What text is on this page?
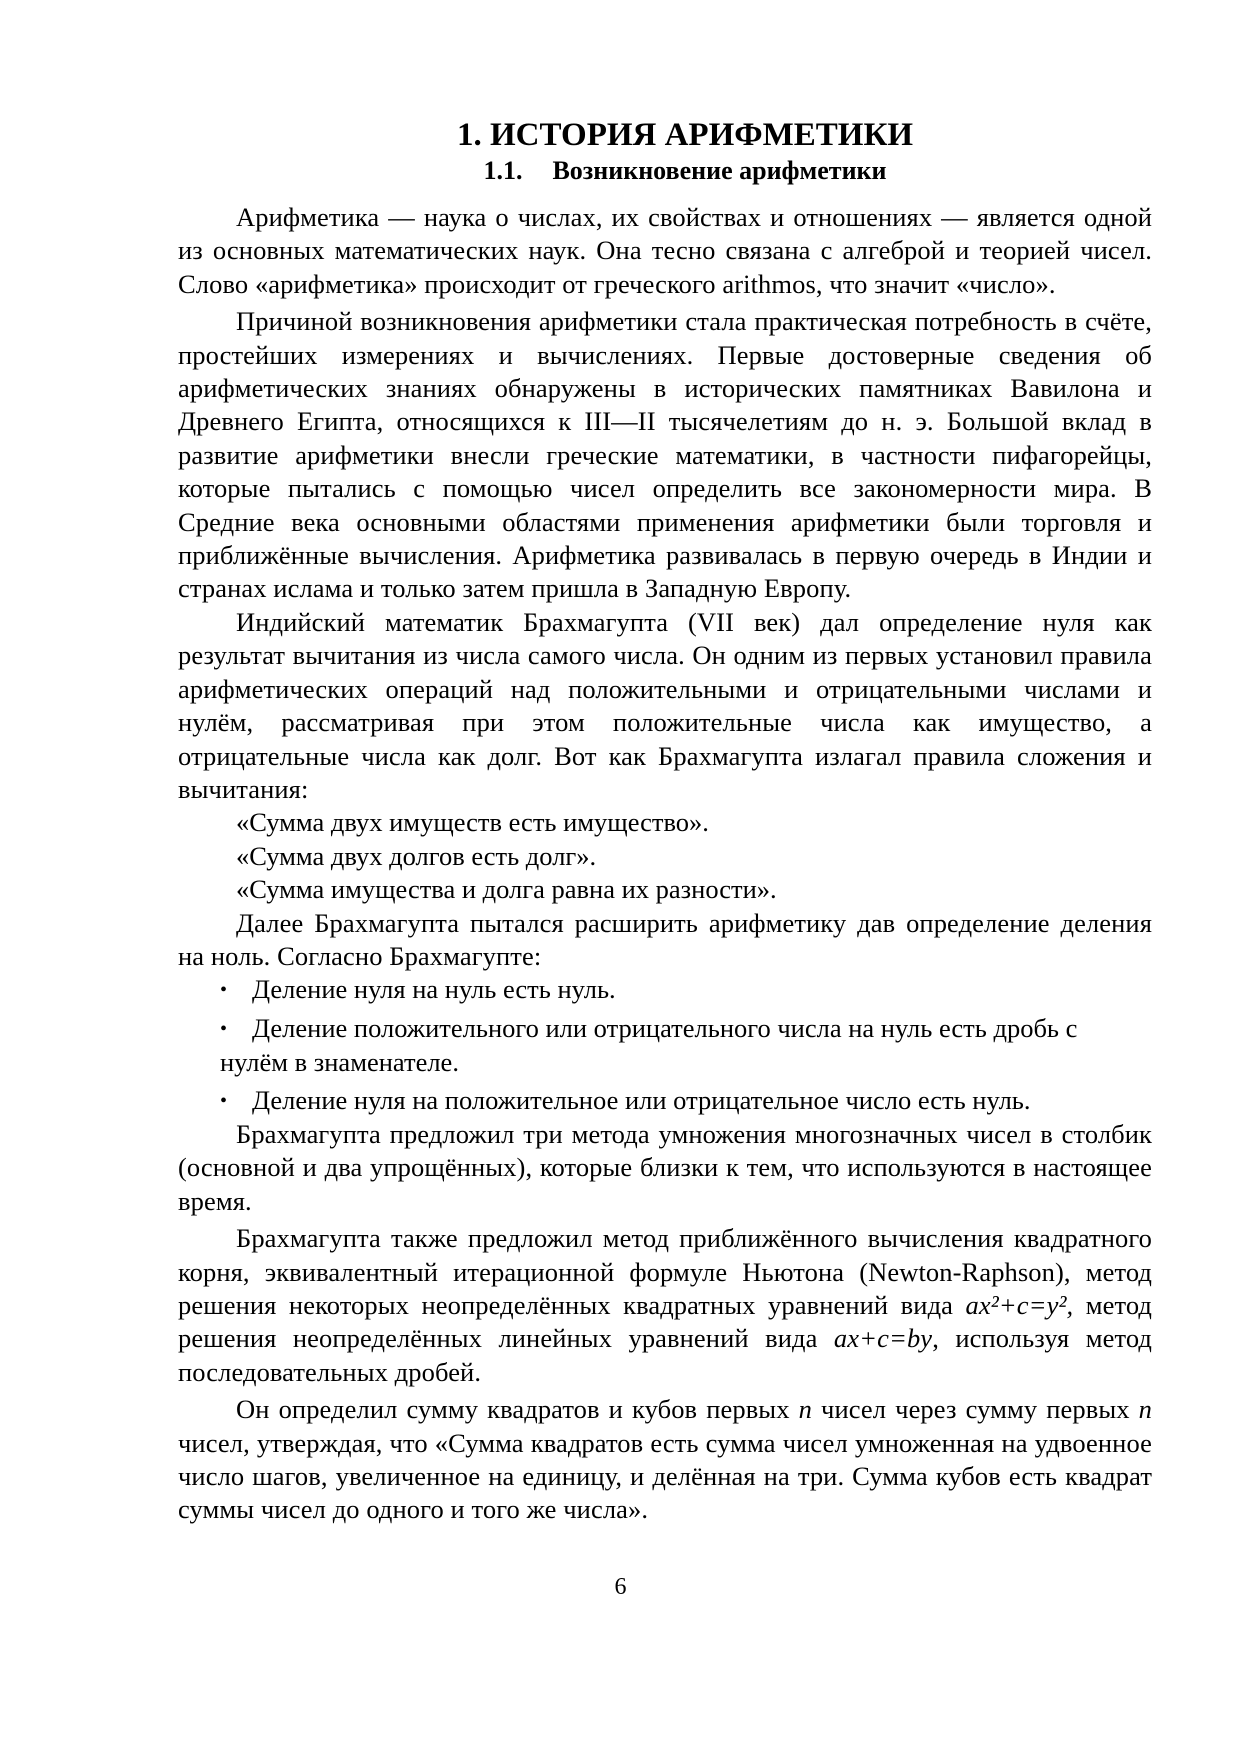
1. ИСТОРИЯ АРИФМЕТИКИ
1.1. Возникновение арифметики

Арифметика — наука о числах, их свойствах и отношениях — является одной из основных математических наук. Она тесно связана с алгеброй и теорией чисел. Слово «арифметика» происходит от греческого arithmos, что значит «число».

Причиной возникновения арифметики стала практическая потребность в счёте, простейших измерениях и вычислениях. Первые достоверные сведения об арифметических знаниях обнаружены в исторических памятниках Вавилона и Древнего Египта, относящихся к III—II тысячелетиям до н. э. Большой вклад в развитие арифметики внесли греческие математики, в частности пифагорейцы, которые пытались с помощью чисел определить все закономерности мира. В Средние века основными областями применения арифметики были торговля и приближённые вычисления. Арифметика развивалась в первую очередь в Индии и странах ислама и только затем пришла в Западную Европу.

Индийский математик Брахмагупта (VII век) дал определение нуля как результат вычитания из числа самого числа. Он одним из первых установил правила арифметических операций над положительными и отрицательными числами и нулём, рассматривая при этом положительные числа как имущество, а отрицательные числа как долг. Вот как Брахмагупта излагал правила сложения и вычитания:

«Сумма двух имуществ есть имущество».

«Сумма двух долгов есть долг».

«Сумма имущества и долга равна их разности».

Далее Брахмагупта пытался расширить арифметику дав определение деления на ноль. Согласно Брахмагупте:

• Деление нуля на нуль есть нуль.
• Деление положительного или отрицательного числа на нуль есть дробь с нулём в знаменателе.
• Деление нуля на положительное или отрицательное число есть нуль.

Брахмагупта предложил три метода умножения многозначных чисел в столбик (основной и два упрощённых), которые близки к тем, что используются в настоящее время.

Брахмагупта также предложил метод приближённого вычисления квадратного корня, эквивалентный итерационной формуле Ньютона (Newton-Raphson), метод решения некоторых неопределённых квадратных уравнений вида ax²+c=y², метод решения неопределённых линейных уравнений вида ax+c=by, используя метод последовательных дробей.

Он определил сумму квадратов и кубов первых n чисел через сумму первых n чисел, утверждая, что «Сумма квадратов есть сумма чисел умноженная на удвоенное число шагов, увеличенное на единицу, и делённая на три. Сумма кубов есть квадрат суммы чисел до одного и того же числа».

6
